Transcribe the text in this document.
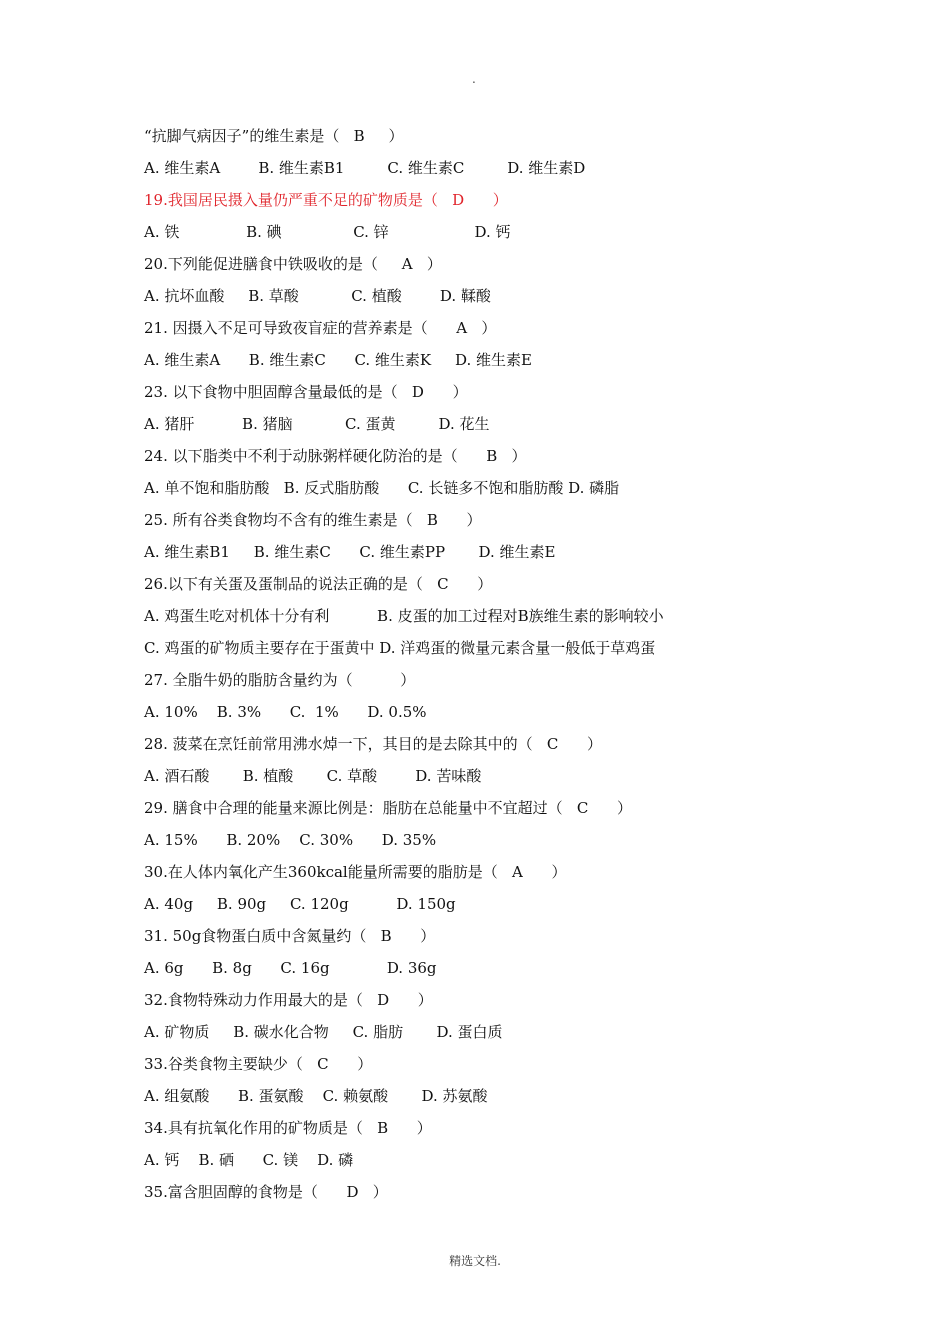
.
“抗脚气病因子”的维生素是（   B     ）
A. 维生素A        B. 维生素B1         C. 维生素C         D. 维生素D
19.我国居民摄入量仍严重不足的矿物质是（   D      ）
A. 铁              B. 碘               C. 锌                  D. 钙
20.下列能促进膳食中铁吸收的是（     A   ）
A. 抗坏血酸     B. 草酸           C. 植酸        D. 鞣酸
21. 因摄入不足可导致夜盲症的营养素是（      A   ）
A. 维生素A      B. 维生素C      C. 维生素K     D. 维生素E
23. 以下食物中胆固醇含量最低的是（   D      ）
A. 猪肝          B. 猪脑           C. 蛋黄         D. 花生
24. 以下脂类中不利于动脉粥样硬化防治的是（      B   ）
A. 单不饱和脂肪酸   B. 反式脂肪酸      C. 长链多不饱和脂肪酸 D. 磷脂
25. 所有谷类食物均不含有的维生素是（   B      ）
A. 维生素B1     B. 维生素C      C. 维生素PP       D. 维生素E
26.以下有关蛋及蛋制品的说法正确的是（   C      ）
A. 鸡蛋生吃对机体十分有利          B. 皮蛋的加工过程对B族维生素的影响较小
C. 鸡蛋的矿物质主要存在于蛋黄中 D. 洋鸡蛋的微量元素含量一般低于草鸡蛋
27. 全脂牛奶的脂肪含量约为（          ）
A. 10%    B. 3%      C.  1%      D. 0.5%
28. 菠菜在烹饪前常用沸水焯一下，其目的是去除其中的（   C      ）
A. 酒石酸       B. 植酸       C. 草酸        D. 苦味酸
29. 膳食中合理的能量来源比例是：脂肪在总能量中不宜超过（   C      ）
A. 15%      B. 20%    C. 30%      D. 35%
30.在人体内氧化产生360kcal能量所需要的脂肪是（   A      ）
A. 40g     B. 90g     C. 120g          D. 150g
31. 50g食物蛋白质中含氮量约（   B      ）
A. 6g      B. 8g      C. 16g            D. 36g
32.食物特殊动力作用最大的是（   D      ）
A. 矿物质     B. 碳水化合物     C. 脂肪       D. 蛋白质
33.谷类食物主要缺少（   C      ）
A. 组氨酸      B. 蛋氨酸    C. 赖氨酸       D. 苏氨酸
34.具有抗氧化作用的矿物质是（   B      ）
A. 钙    B. 硒      C. 镁    D. 磷
35.富含胆固醇的食物是（      D   ）
精选文档.
